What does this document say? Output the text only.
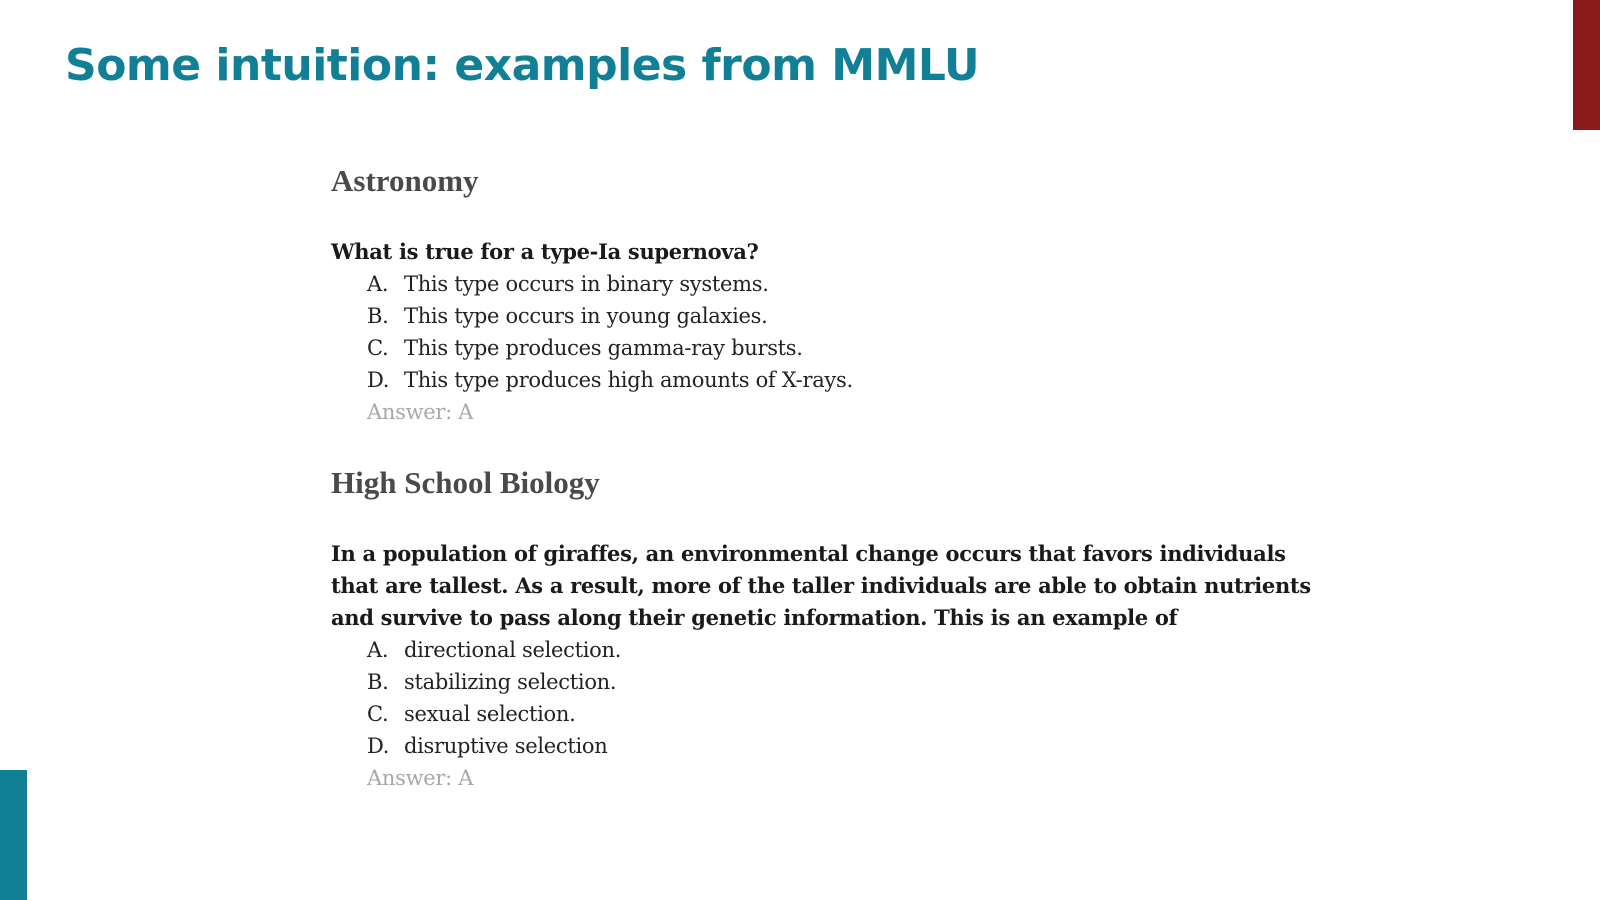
Some intuition: examples from MMLU
Astronomy

What is true for a type-Ia supernova?

A. This type occurs in binary systems.
B. This type occurs in young galaxies.
C. This type produces gamma-ray bursts.
D. This type produces high amounts of X-rays.
Answer: A
High School Biology

In a population of giraffes, an environmental change occurs that favors individuals that are tallest. As a result, more of the taller individuals are able to obtain nutrients and survive to pass along their genetic information. This is an example of

A. directional selection.
B. stabilizing selection.
C. sexual selection.
D. disruptive selection
Answer: A
